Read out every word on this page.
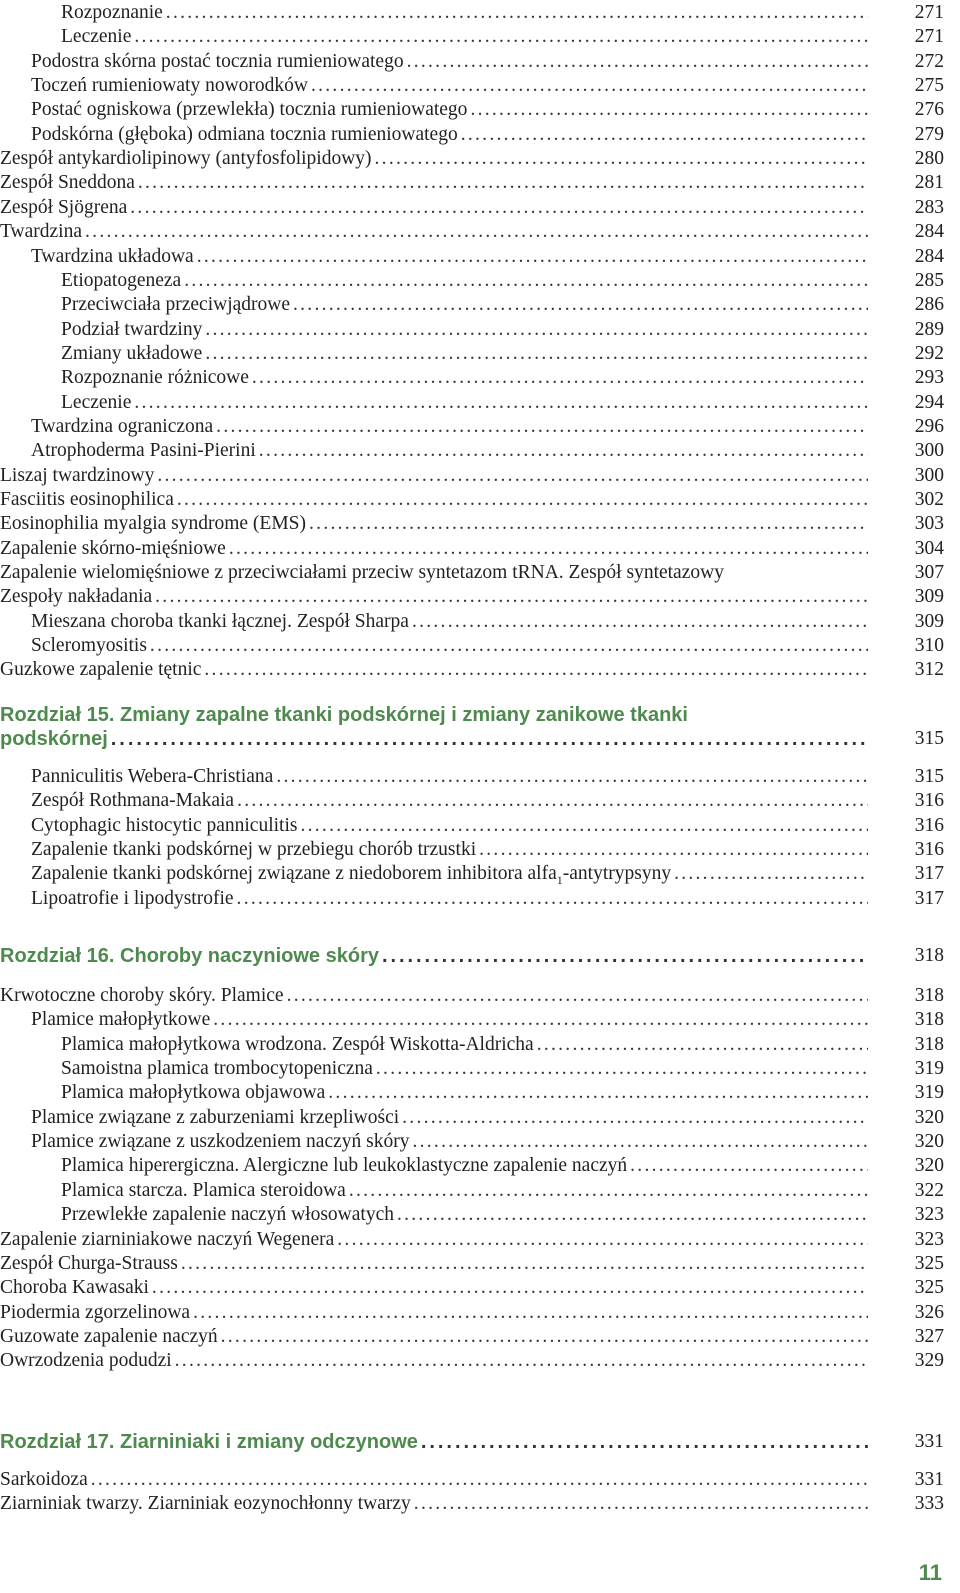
Rozpoznanie . . .	271
Leczenie . . .	271
Podostra skórna postać tocznia rumieniowatego . . .	272
Toczeń rumieniowaty noworodków . . .	275
Postać ogniskowa (przewlekła) tocznia rumieniowatego . . .	276
Podskórna (głęboka) odmiana tocznia rumieniowatego . . .	279
Zespół antykardiolipinowy (antyfosfolipidowy) . . .	280
Zespół Sneddona . . .	281
Zespół Sjögrena . . .	283
Twardzina . . .	284
Twardzina układowa . . .	284
Etiopatogeneza . . .	285
Przeciwciała przeciwjądrowe . . .	286
Podział twardziny . . .	289
Zmiany układowe . . .	292
Rozpoznanie różnicowe . . .	293
Leczenie . . .	294
Twardzina ograniczona . . .	296
Atrophoderma Pasini-Pierini . . .	300
Liszaj twardzinowy . . .	300
Fasciitis eosinophilica . . .	302
Eosinophilia myalgia syndrome (EMS) . . .	303
Zapalenie skórno-mięśniowe . . .	304
Zapalenie wielomięśniowe z przeciwciałami przeciw syntetazom tRNA. Zespół syntetazowy	307
Zespoły nakładania . . .	309
Mieszana choroba tkanki łącznej. Zespół Sharpa . . .	309
Scleromyositis . . .	310
Guzkowe zapalenie tętnic . . .	312
Rozdział 15. Zmiany zapalne tkanki podskórnej i zmiany zanikowe tkanki
podskórnej . . .	315
Panniculitis Webera-Christiana . . .	315
Zespół Rothmana-Makaia . . .	316
Cytophagic histocytic panniculitis . . .	316
Zapalenie tkanki podskórnej w przebiegu chorób trzustki . . .	316
Zapalenie tkanki podskórnej związane z niedoborem inhibitora alfa$_1$-antytrypsyny . . .	317
Lipoatrofie i lipodystrofie . . .	317
Rozdział 16. Choroby naczyniowe skóry . . .	318
Krwotoczne choroby skóry. Plamice . . .	318
Plamice małopłytkowe . . .	318
Plamica małopłytkowa wrodzona. Zespół Wiskotta-Aldricha . . .	318
Samoistna plamica trombocytopeniczna . . .	319
Plamica małopłytkowa objawowa . . .	319
Plamice związane z zaburzeniami krzepliwości . . .	320
Plamice związane z uszkodzeniem naczyń skóry . . .	320
Plamica hiperergiczna. Alergiczne lub leukoklastyczne zapalenie naczyń . . .	320
Plamica starcza. Plamica steroidowa . . .	322
Przewlekłe zapalenie naczyń włosowatych . . .	323
Zapalenie ziarniniakowe naczyń Wegenera . . .	323
Zespół Churga-Strauss . . .	325
Choroba Kawasaki . . .	325
Piodermia zgorzelinowa . . .	326
Guzowate zapalenie naczyń . . .	327
Owrzodzenia podudzi . . .	329
Rozdział 17. Ziarniniaki i zmiany odczynowe . . .	331
Sarkoidoza . . .	331
Ziarniniak twarzy. Ziarniniak eozynochłonny twarzy . . .	333
11
